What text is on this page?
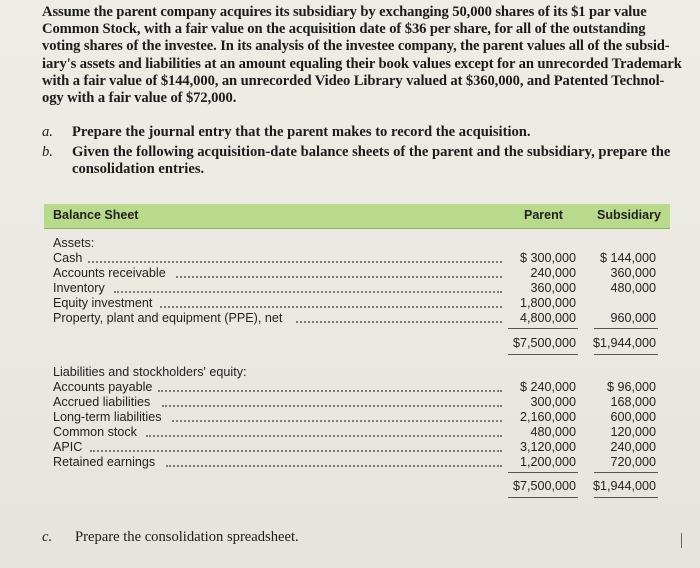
Assume the parent company acquires its subsidiary by exchanging 50,000 shares of its $1 par value
Common Stock, with a fair value on the acquisition date of $36 per share, for all of the outstanding
voting shares of the investee. In its analysis of the investee company, the parent values all of the subsid-
iary's assets and liabilities at an amount equaling their book values except for an unrecorded Trademark
with a fair value of $144,000, an unrecorded Video Library valued at $360,000, and Patented Technol-
ogy with a fair value of $72,000.
a. Prepare the journal entry that the parent makes to record the acquisition.
b. Given the following acquisition-date balance sheets of the parent and the subsidiary, prepare the
consolidation entries.
Balance Sheet	Parent	Subsidiary
Assets:
Cash	$ 300,000 $ 144,000
Accounts receivable	240,000	360,000
Inventory	360,000	480,000
Equity investment	1,800,000
Property, plant and equipment (PPE), net	4,800,000	960,000
$7,500,000 $1,944,000
Liabilities and stockholders' equity:
Accounts payable	$ 240,000 $ 96,000
Accrued liabilities	300,000	168,000
Long-term liabilities	2,160,000	600,000
Common stock	480,000	120,000
APIC	3,120,000	240,000
Retained earnings	1,200,000	720,000
$7,500,000 $1,944,000
c. Prepare the consolidation spreadsheet.
